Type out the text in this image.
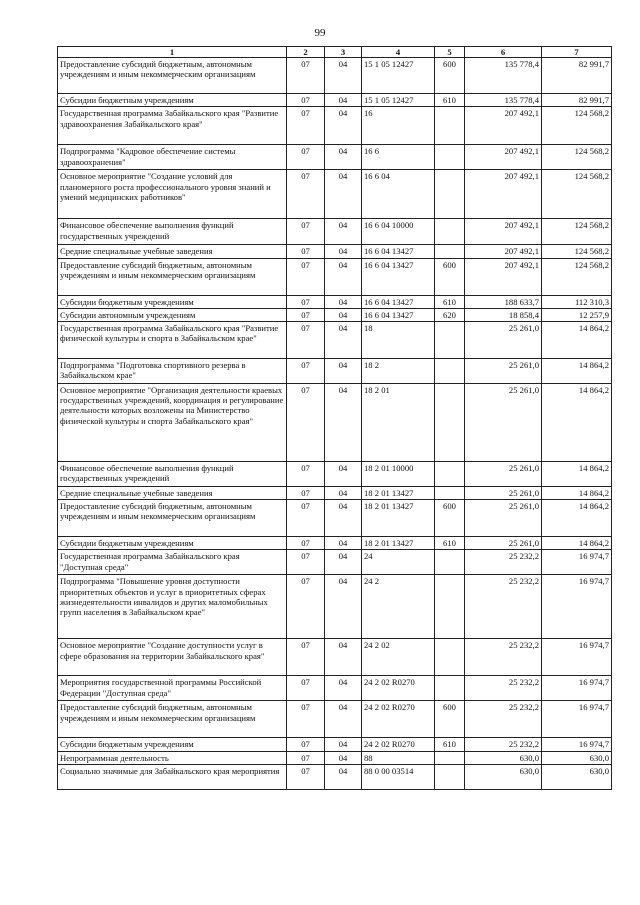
99
1	2	3	4	5	6	7
Предоставление субсидий бюджетным, автономным учреждениям и иным некоммерческим организациям	07	04	15 1 05 12427	600	135 778,4	82 991,7
Субсидии бюджетным учреждениям	07	04	15 1 05 12427	610	135 778,4	82 991,7
Государственная программа Забайкальского края "Развитие здравоохранения Забайкальского края"	07	04	16		207 492,1	124 568,2
Подпрограмма "Кадровое обеспечение системы здравоохранения"	07	04	16 6		207 492,1	124 568,2
Основное мероприятие "Создание условий для планомерного роста профессионального уровня знаний и умений медицинских работников"	07	04	16 6 04		207 492,1	124 568,2
Финансовое обеспечение выполнения функций государственных учреждений	07	04	16 6 04 10000		207 492,1	124 568,2
Средние специальные учебные заведения	07	04	16 6 04 13427		207 492,1	124 568,2
Предоставление субсидий бюджетным, автономным учреждениям и иным некоммерческим организациям	07	04	16 6 04 13427	600	207 492,1	124 568,2
Субсидии бюджетным учреждениям	07	04	16 6 04 13427	610	188 633,7	112 310,3
Субсидии автономным учреждениям	07	04	16 6 04 13427	620	18 858,4	12 257,9
Государственная программа Забайкальского края "Развитие физической культуры и спорта в Забайкальском крае"	07	04	18		25 261,0	14 864,2
Подпрограмма "Подготовка спортивного резерва в Забайкальском крае"	07	04	18 2		25 261,0	14 864,2
Основное мероприятие "Организация деятельности краевых государственных учреждений, координация и регулирование деятельности которых возложены на Министерство физической культуры и спорта Забайкальского края"	07	04	18 2 01		25 261,0	14 864,2
Финансовое обеспечение выполнения функций государственных учреждений	07	04	18 2 01 10000		25 261,0	14 864,2
Средние специальные учебные заведения	07	04	18 2 01 13427		25 261,0	14 864,2
Предоставление субсидий бюджетным, автономным учреждениям и иным некоммерческим организациям	07	04	18 2 01 13427	600	25 261,0	14 864,2
Субсидии бюджетным учреждениям	07	04	18 2 01 13427	610	25 261,0	14 864,2
Государственная программа Забайкальского края "Доступная среда"	07	04	24		25 232,2	16 974,7
Подпрограмма "Повышение уровня доступности приоритетных объектов и услуг в приоритетных сферах жизнедеятельности инвалидов и других маломобильных групп населения в Забайкальском крае"	07	04	24 2		25 232,2	16 974,7
Основное мероприятие "Создание доступности услуг в сфере образования на территории Забайкальского края"	07	04	24 2 02		25 232,2	16 974,7
Мероприятия государственной программы Российской Федерации "Доступная среда"	07	04	24 2 02 R0270		25 232,2	16 974,7
Предоставление субсидий бюджетным, автономным учреждениям и иным некоммерческим организациям	07	04	24 2 02 R0270	600	25 232,2	16 974,7
Субсидии бюджетным учреждениям	07	04	24 2 02 R0270	610	25 232,2	16 974,7
Непрограммная деятельность	07	04	88		630,0	630,0
Социально значимые для Забайкальского края мероприятия	07	04	88 0 00 03514		630,0	630,0
